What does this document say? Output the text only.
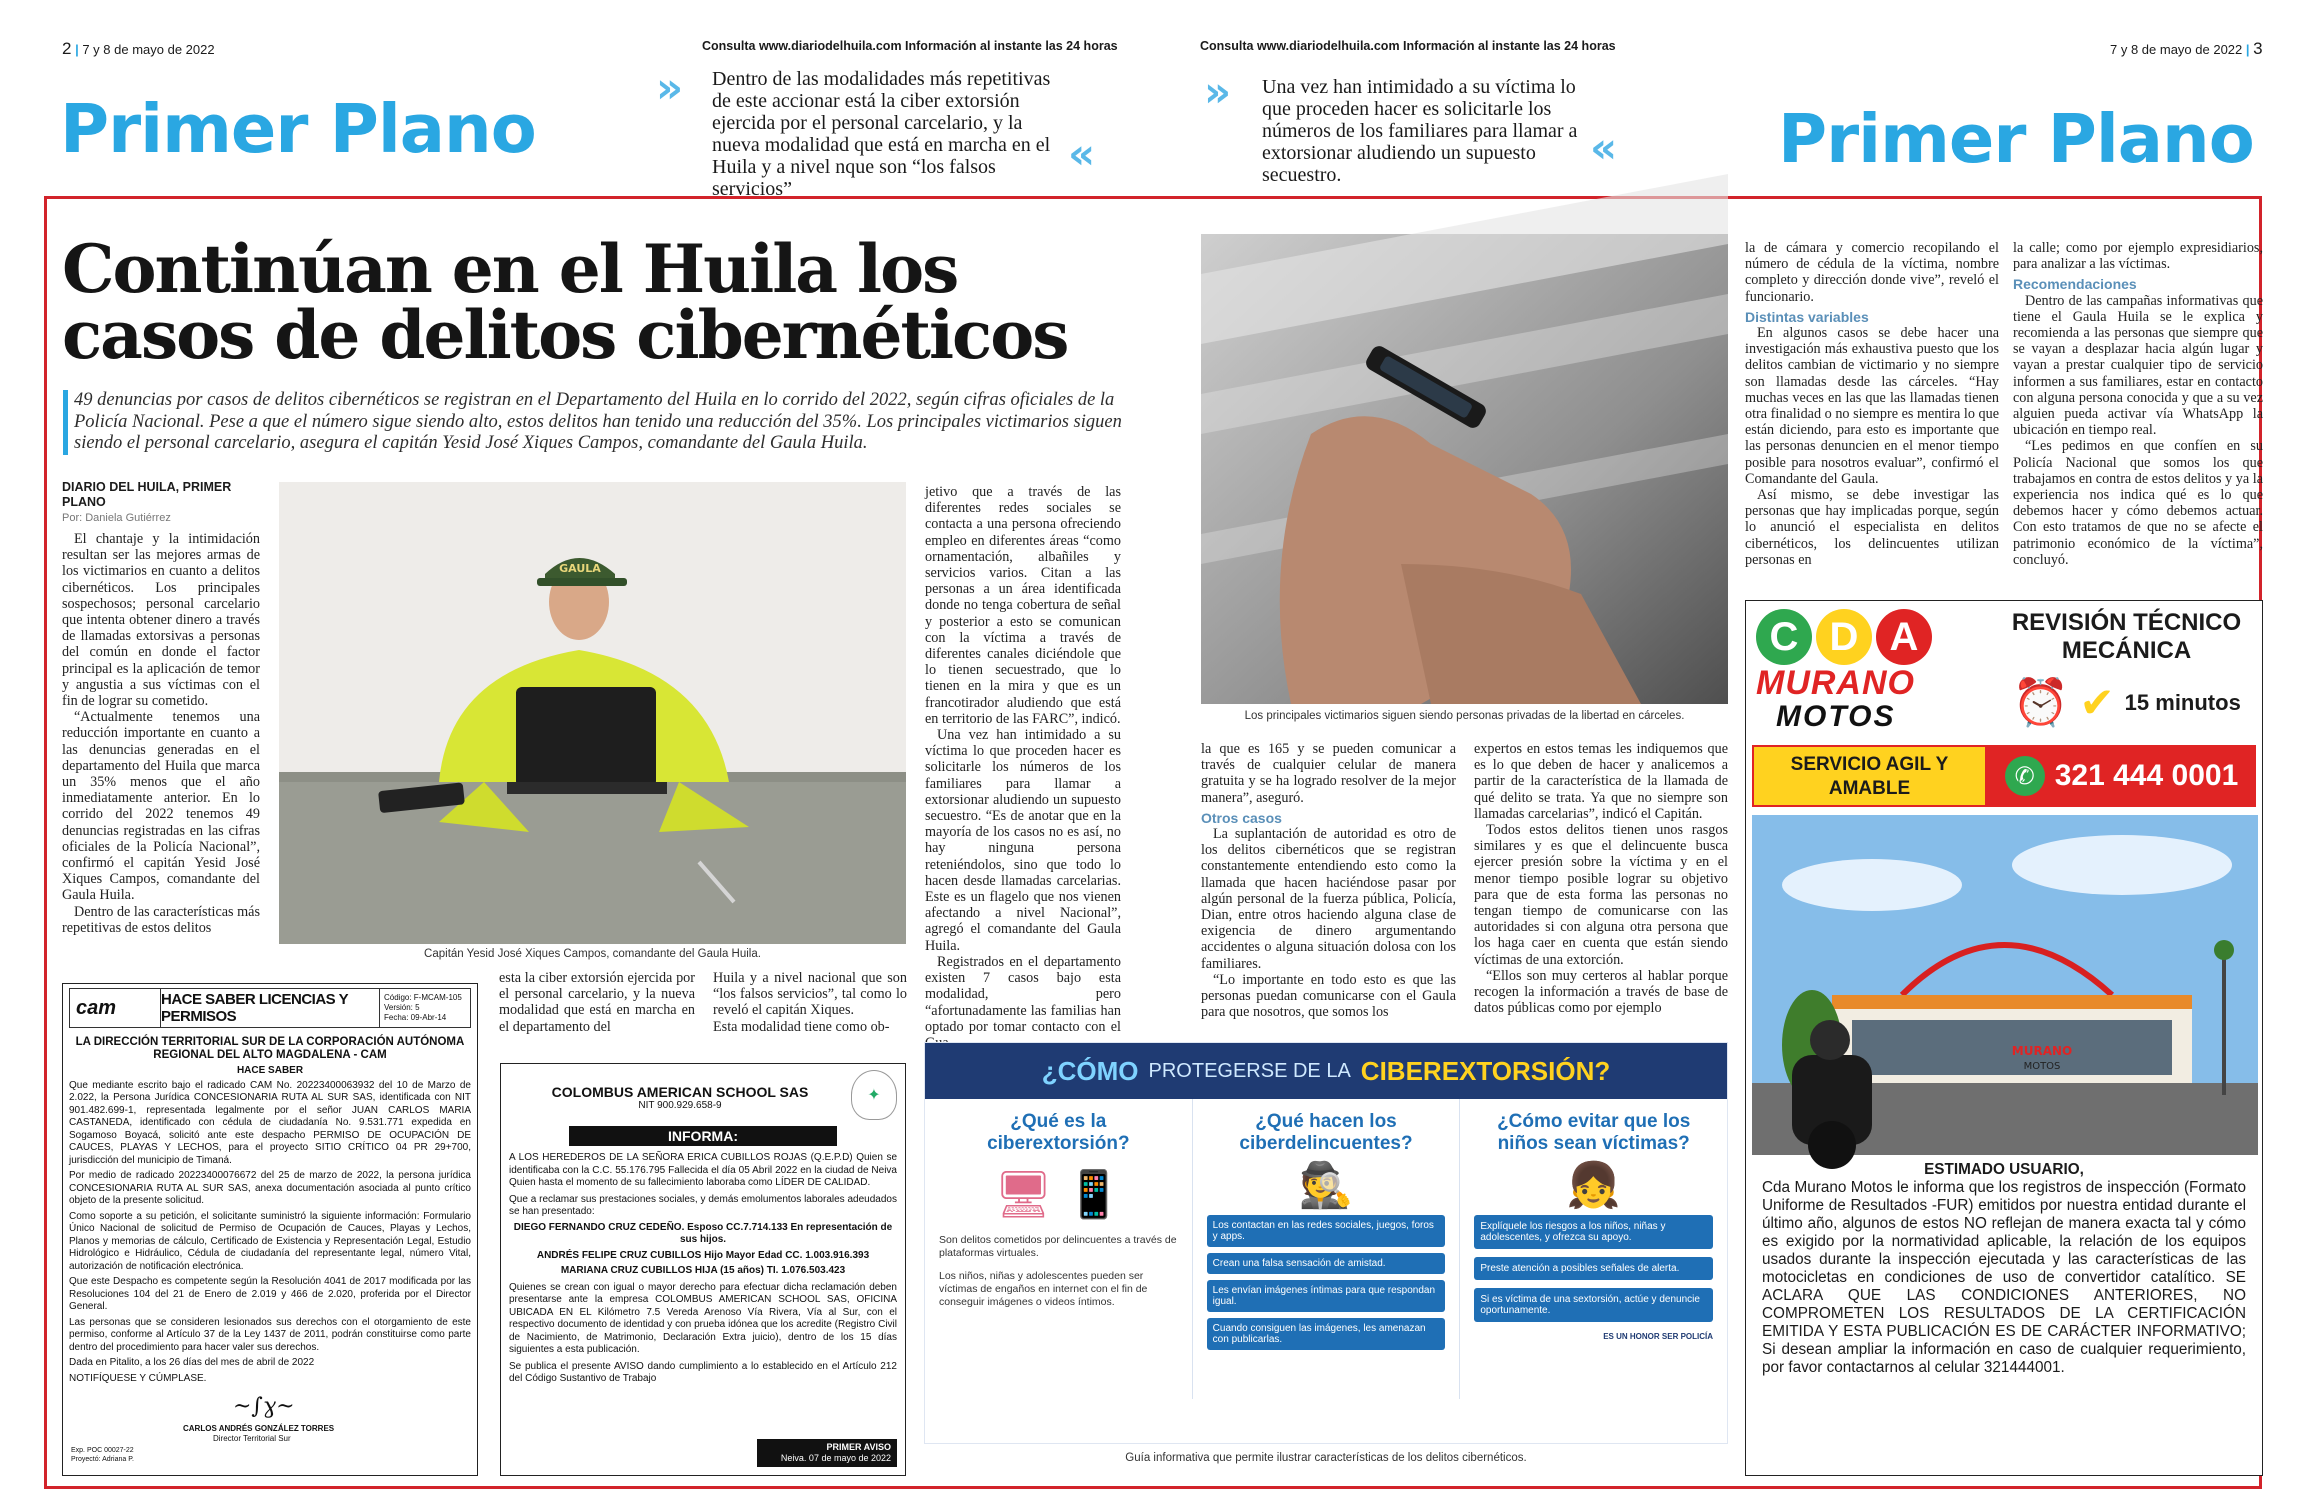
2 | 7 y 8 de mayo de 2022	Consulta www.diariodelhuila.com Información al instante las 24 horas	Consulta www.diariodelhuila.com Información al instante las 24 horas	7 y 8 de mayo de 2022 | 3
Primer Plano	Primer Plano
» Dentro de las modalidades más repetitivas de este accionar está la ciber extorsión ejercida por el personal carcelario, y la nueva modalidad que está en marcha en el Huila y a nivel nque son “los falsos servicios”
«
» Una vez han intimidado a su víctima lo que proceden hacer es solicitarle los números de los familiares para llamar a extorsionar aludiendo un supuesto secuestro.
«
Continúan en el Huila los
casos de delitos cibernéticos
49 denuncias por casos de delitos cibernéticos se registran en el Departamento del Huila en lo corrido del 2022, según cifras oficiales de la Policía Nacional. Pese a que el número sigue siendo alto, estos delitos han tenido una reducción del 35%. Los principales victimarios siguen siendo el personal carcelario, asegura el capitán Yesid José Xiques Campos, comandante del Gaula Huila.
DIARIO DEL HUILA, PRIMER PLANO
Por: Daniela Gutiérrez

El chantaje y la intimidación resultan ser las mejores armas de los victimarios en cuanto a delitos cibernéticos. Los principales sospechosos; personal carcelario que intenta obtener dinero a través de llamadas extorsivas a personas del común en donde el factor principal es la aplicación de temor y angustia a sus víctimas con el fin de lograr su cometido.

“Actualmente tenemos una reducción importante en cuanto a las denuncias generadas en el departamento del Huila que marca un 35% menos que el año inmediatamente anterior. En lo corrido del 2022 tenemos 49 denuncias registradas en las cifras oficiales de la Policía Nacional”, confirmó el capitán Yesid José Xiques Campos, comandante del Gaula Huila.

Dentro de las características más repetitivas de estos delitos

GAULA
Capitán Yesid José Xiques Campos, comandante del Gaula Huila.
cam	HACE SABER LICENCIAS Y PERMISOS
Código: F-MCAM-105
Versión: 5
Fecha: 09-Abr-14
LA DIRECCIÓN TERRITORIAL SUR DE LA CORPORACIÓN AUTÓNOMA
REGIONAL DEL ALTO MAGDALENA - CAM
HACE SABER
Que mediante escrito bajo el radicado CAM No. 20223400063932 del 10 de Marzo de 2.022, la Persona Jurídica CONCESIONARIA RUTA AL SUR SAS, identificada con NIT 901.482.699-1, representada legalmente por el señor JUAN CARLOS MARIA CASTANEDA, identificado con cédula de ciudadanía No. 9.531.771 expedida en Sogamoso Boyacá, solicitó ante este despacho PERMISO DE OCUPACIÓN DE CAUCES, PLAYAS Y LECHOS, para el proyecto SITIO CRÍTICO 04 PR 29+700, jurisdicción del municipio de Timaná.
Por medio de radicado 20223400076672 del 25 de marzo de 2022, la persona jurídica CONCESIONARIA RUTA AL SUR SAS, anexa documentación asociada al punto crítico objeto de la presente solicitud.
Como soporte a su petición, el solicitante suministró la siguiente información: Formulario Único Nacional de solicitud de Permiso de Ocupación de Cauces, Playas y Lechos, Planos y memorias de cálculo, Certificado de Existencia y Representación Legal, Estudio Hidrológico e Hidráulico, Cédula de ciudadanía del representante legal, número Vital, autorización de notificación electrónica.
Que este Despacho es competente según la Resolución 4041 de 2017 modificada por las Resoluciones 104 del 21 de Enero de 2.019 y 466 de 2.020, proferida por el Director General.
Las personas que se consideren lesionados sus derechos con el otorgamiento de este permiso, conforme al Artículo 37 de la Ley 1437 de 2011, podrán constituirse como parte dentro del procedimiento para hacer valer sus derechos.
Dada en Pitalito, a los 26 días del mes de abril de 2022
NOTIFÍQUESE Y CÚMPLASE.
~∫ɣ~
CARLOS ANDRÉS GONZÁLEZ TORRES
Director Territorial Sur
Exp. POC 00027-22
Proyectó: Adriana P.
esta la ciber extorsión ejercida por el personal carcelario, y la nueva modalidad que está en marcha en el departamento del
Huila y a nivel nacional que son “los falsos servicios”, tal como lo reveló el capitán Xiques.
Esta modalidad tiene como ob-
COLOMBUS AMERICAN SCHOOL SAS
NIT 900.929.658-9
✦
INFORMA:
A LOS HEREDEROS DE LA SEÑORA ERICA CUBILLOS ROJAS (Q.E.P.D) Quien se identificaba con la C.C. 55.176.795 Fallecida el día 05 Abril 2022 en la ciudad de Neiva Quien hasta el momento de su fallecimiento laboraba como LÍDER DE CALIDAD.
Que a reclamar sus prestaciones sociales, y demás emolumentos laborales adeudados se han presentado:
DIEGO FERNANDO CRUZ CEDEÑO. Esposo CC.7.714.133 En representación de sus hijos.
ANDRÉS FELIPE CRUZ CUBILLOS Hijo Mayor Edad CC. 1.003.916.393
MARIANA CRUZ CUBILLOS HIJA (15 años) TI. 1.076.503.423
Quienes se crean con igual o mayor derecho para efectuar dicha reclamación deben presentarse ante la empresa COLOMBUS AMERICAN SCHOOL SAS, OFICINA UBICADA EN EL Kilómetro 7.5 Vereda Arenoso Vía Rivera, Vía al Sur, con el respectivo documento de identidad y con prueba idónea que los acredite (Registro Civil de Nacimiento, de Matrimonio, Declaración Extra juicio), dentro de los 15 días siguientes a esta publicación.
Se publica el presente AVISO dando cumplimiento a lo establecido en el Artículo 212 del Código Sustantivo de Trabajo
PRIMER AVISO
Neiva. 07 de mayo de 2022

jetivo que a través de las diferentes redes sociales se contacta a una persona ofreciendo empleo en diferentes áreas “como ornamentación, albañiles y servicios varios. Citan a las personas a un área identificada donde no tenga cobertura de señal y posterior a esto se comunican con la víctima a través de diferentes canales diciéndole que lo tienen secuestrado, que lo tienen en la mira y que es un francotirador aludiendo que está en territorio de las FARC”, indicó.

Una vez han intimidado a su víctima lo que proceden hacer es solicitarle los números de los familiares para llamar a extorsionar aludiendo un supuesto secuestro. “Es de anotar que en la mayoría de los casos no es así, no hay ninguna persona reteniéndolos, sino que todo lo hacen desde llamadas carcelarias. Este es un flagelo que nos vienen afectando a nivel Nacional”, agregó el comandante del Gaula Huila.

Registrados en el departamento existen 7 casos bajo esta modalidad, pero “afortunadamente las familias han optado por tomar contacto con el

Los principales victimarios siguen siendo personas privadas de la libertad en cárceles.

la que es 165 y se pueden comunicar a través de cualquier celular de manera gratuita y se ha logrado resolver de la mejor manera”, aseguró.

Otros casos

La suplantación de autoridad es otro de los delitos cibernéticos que se registran constantemente entendiendo esto como la llamada que hacen haciéndose pasar por algún personal de la fuerza pública, Policía, Dian, entre otros haciendo alguna clase de exigencia de dinero argumentando accidentes o alguna situación dolosa con los familiares.

“Lo importante en todo esto es que las personas puedan comunicarse con el Gaula para que nosotros, que somos los

expertos en estos temas les indiquemos que es lo que deben de hacer y analicemos a partir de la característica de la llamada de qué delito se trata. Ya que no siempre son llamadas carcelarias”, indicó el Capitán.

Todos estos delitos tienen unos rasgos similares y es que el delincuente busca ejercer presión sobre la víctima y en el menor tiempo posible lograr su objetivo para que de esta forma las personas no tengan tiempo de comunicarse con las autoridades si con alguna otra persona que los haga caer en cuenta que están siendo víctimas de una extorción.

“Ellos son muy certeros al hablar porque recogen la información a través de base de datos públicas como por ejemplo

la de cámara y comercio recopilando el número de cédula de la víctima, nombre completo y dirección donde vive”, reveló el funcionario.

Distintas variables

En algunos casos se debe hacer una investigación más exhaustiva puesto que los delitos cambian de victimario y no siempre son llamadas desde las cárceles. “Hay muchas veces en las que las llamadas tienen otra finalidad o no siempre es mentira lo que están diciendo, para esto es importante que las personas denuncien en el menor tiempo posible para nosotros evaluar”, confirmó el Comandante del Gaula.

Así mismo, se debe investigar las personas que hay implicadas porque, según lo anunció el especialista en delitos cibernéticos, los delincuentes utilizan personas en

la calle; como por ejemplo expresidiarios, para analizar a las víctimas.

Recomendaciones

Dentro de las campañas informativas que tiene el Gaula Huila se le explica y recomienda a las personas que siempre que se vayan a desplazar hacia algún lugar y vayan a prestar cualquier tipo de servicio informen a sus familiares, estar en contacto con alguna persona conocida y que a su vez alguien pueda activar vía WhatsApp la ubicación en tiempo real.

“Les pedimos en que confíen en su Policía Nacional que somos los que trabajamos en contra de estos delitos y ya la experiencia nos indica qué es lo que debemos hacer y cómo debemos actuar. Con esto tratamos de que no se afecte el patrimonio económico de la víctima”, concluyó.

¿CÓMO PROTEGERSE DE LA CIBEREXTORSIÓN?
¿Qué es la ciberextorsión?
🖥 📱
Son delitos cometidos por delincuentes a través de plataformas virtuales.
Los niños, niñas y adolescentes pueden ser víctimas de engaños en internet con el fin de conseguir imágenes o videos íntimos.
¿Qué hacen los ciberdelincuentes?
🕵
Los contactan en las redes sociales, juegos, foros y apps.
Crean una falsa sensación de amistad.
Les envían imágenes íntimas para que respondan igual.
Cuando consiguen las imágenes, les amenazan con publicarlas.
¿Cómo evitar que los niños sean víctimas?
👧
Explíquele los riesgos a los niños, niñas y adolescentes, y ofrezca su apoyo.
Preste atención a posibles señales de alerta.
Si es víctima de una sextorsión, actúe y denuncie oportunamente.
ES UN HONOR SER POLICÍA
Guía informativa que permite ilustrar características de los delitos cibernéticos.
C D A
MURANO
MOTOS
REVISIÓN TÉCNICO
MECÁNICA
⏰ ✔ 15 minutos
SERVICIO AGIL Y
AMABLE	✆ 321 444 0001
MURANO
MOTOS
ESTIMADO USUARIO,
Cda Murano Motos le informa que los registros de inspección (Formato Uniforme de Resultados -FUR) emitidos por nuestra entidad durante el último año, algunos de estos NO reflejan de manera exacta tal y cómo es exigido por la normatividad aplicable, la relación de los equipos usados durante la inspección ejecutada y las características de las motocicletas en condiciones de uso de convertidor catalítico. SE ACLARA QUE LAS CONDICIONES ANTERIORES, NO COMPROMETEN LOS RESULTADOS DE LA CERTIFICACIÓN EMITIDA Y ESTA PUBLICACIÓN ES DE CARÁCTER INFORMATIVO; Si desean ampliar la información en caso de cualquier requerimiento, por favor contactarnos al celular 321444001.
